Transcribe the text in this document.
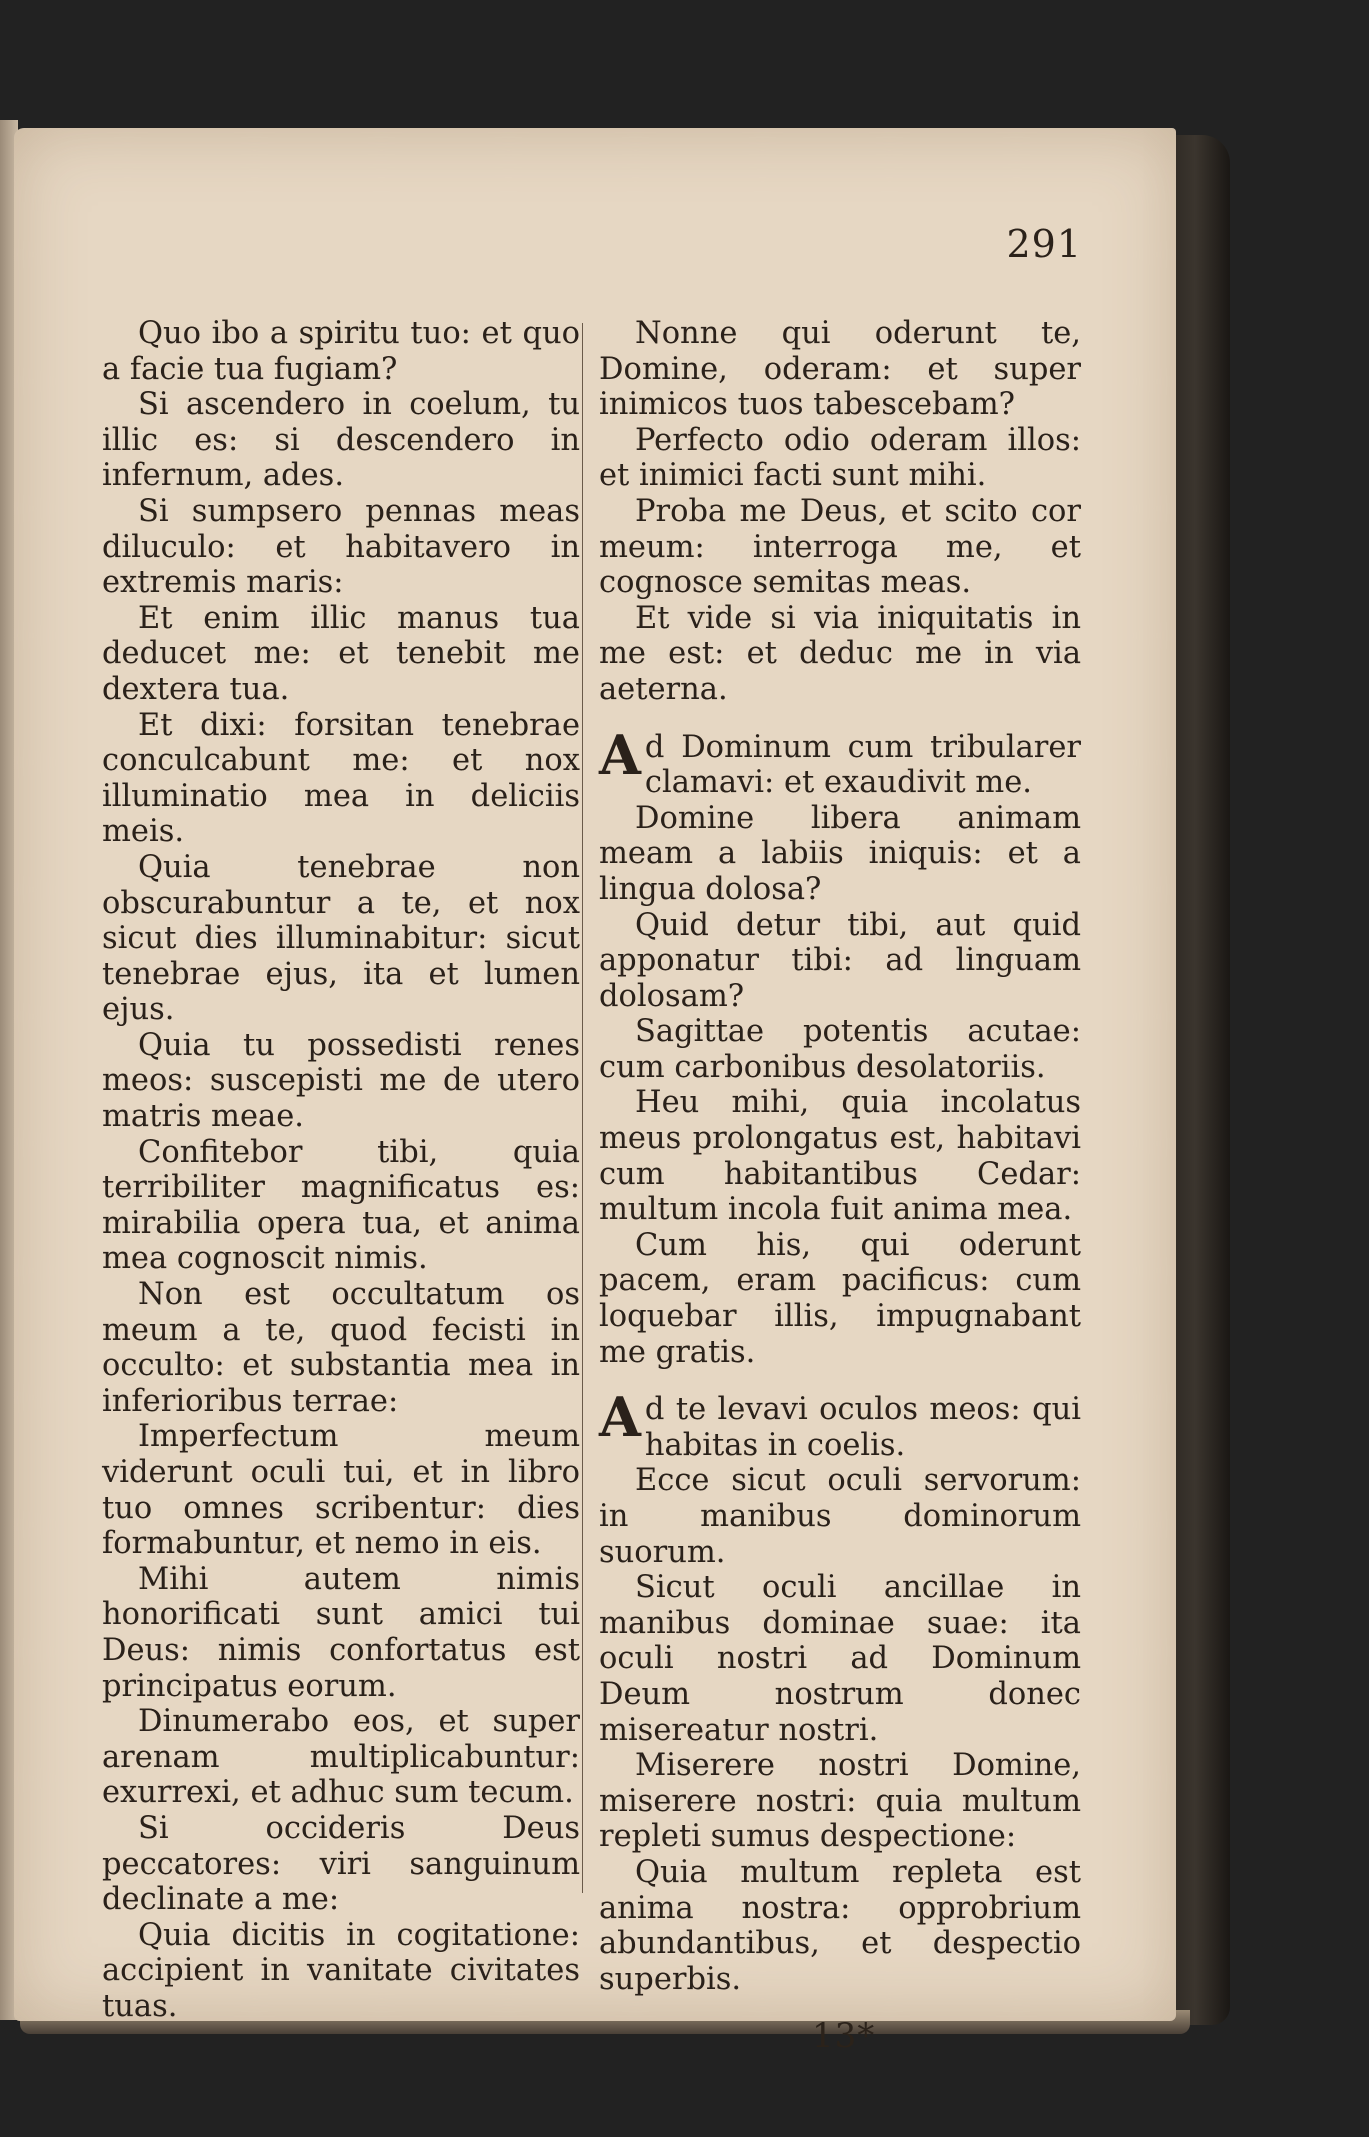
291

Quo ibo a spiritu tuo: et quo a facie tua fugiam?

Si ascendero in coelum, tu illic es: si descendero in infernum, ades.

Si sumpsero pennas meas diluculo: et habitavero in extremis maris:

Et enim illic manus tua deducet me: et tenebit me dextera tua.

Et dixi: forsitan tenebrae conculcabunt me: et nox illuminatio mea in deliciis meis.

Quia tenebrae non obscurabuntur a te, et nox sicut dies illuminabitur: sicut tenebrae ejus, ita et lumen ejus.

Quia tu possedisti renes meos: suscepisti me de utero matris meae.

Confitebor tibi, quia terribiliter magnificatus es: mirabilia opera tua, et anima mea cognoscit nimis.

Non est occultatum os meum a te, quod fecisti in occulto: et substantia mea in inferioribus terrae:

Imperfectum meum viderunt oculi tui, et in libro tuo omnes scribentur: dies formabuntur, et nemo in eis.

Mihi autem nimis honorificati sunt amici tui Deus: nimis confortatus est principatus eorum.

Dinumerabo eos, et super arenam multiplicabuntur: exurrexi, et adhuc sum tecum.

Si occideris Deus peccatores: viri sanguinum declinate a me:

Quia dicitis in cogitatione: accipient in vanitate civitates tuas.

Nonne qui oderunt te, Domine, oderam: et super inimicos tuos tabescebam?

Perfecto odio oderam illos: et inimici facti sunt mihi.

Proba me Deus, et scito cor meum: interroga me, et cognosce semitas meas.

Et vide si via iniquitatis in me est: et deduc me in via aeterna.

Ad Dominum cum tribularer clamavi: et exaudivit me.

Domine libera animam meam a labiis iniquis: et a lingua dolosa?

Quid detur tibi, aut quid apponatur tibi: ad linguam dolosam?

Sagittae potentis acutae: cum carbonibus desolatoriis.

Heu mihi, quia incolatus meus prolongatus est, habitavi cum habitantibus Cedar: multum incola fuit anima mea.

Cum his, qui oderunt pacem, eram pacificus: cum loquebar illis, impugnabant me gratis.

Ad te levavi oculos meos: qui habitas in coelis.

Ecce sicut oculi servorum: in manibus dominorum suorum.

Sicut oculi ancillae in manibus dominae suae: ita oculi nostri ad Dominum Deum nostrum donec misereatur nostri.

Miserere nostri Domine, miserere nostri: quia multum repleti sumus despectione:

Quia multum repleta est anima nostra: opprobrium abundantibus, et despectio superbis.

13*
